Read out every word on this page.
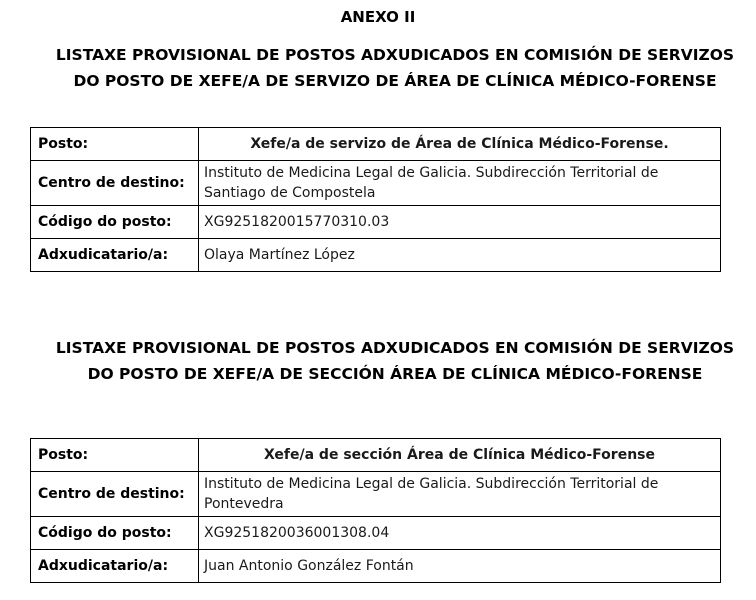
ANEXO II
LISTAXE PROVISIONAL DE POSTOS ADXUDICADOS EN COMISIÓN DE SERVIZOS
DO POSTO DE XEFE/A DE SERVIZO DE ÁREA DE CLÍNICA MÉDICO-FORENSE
Posto:	Xefe/a de servizo de Área de Clínica Médico-Forense.
Centro de destino:	Instituto de Medicina Legal de Galicia. Subdirección Territorial de Santiago de Compostela
Código do posto:	XG9251820015770310.03
Adxudicatario/a:	Olaya Martínez López
LISTAXE PROVISIONAL DE POSTOS ADXUDICADOS EN COMISIÓN DE SERVIZOS
DO POSTO DE XEFE/A DE SECCIÓN ÁREA DE CLÍNICA MÉDICO-FORENSE
Posto:	Xefe/a de sección Área de Clínica Médico-Forense
Centro de destino:	Instituto de Medicina Legal de Galicia. Subdirección Territorial de Pontevedra
Código do posto:	XG9251820036001308.04
Adxudicatario/a:	Juan Antonio González Fontán
